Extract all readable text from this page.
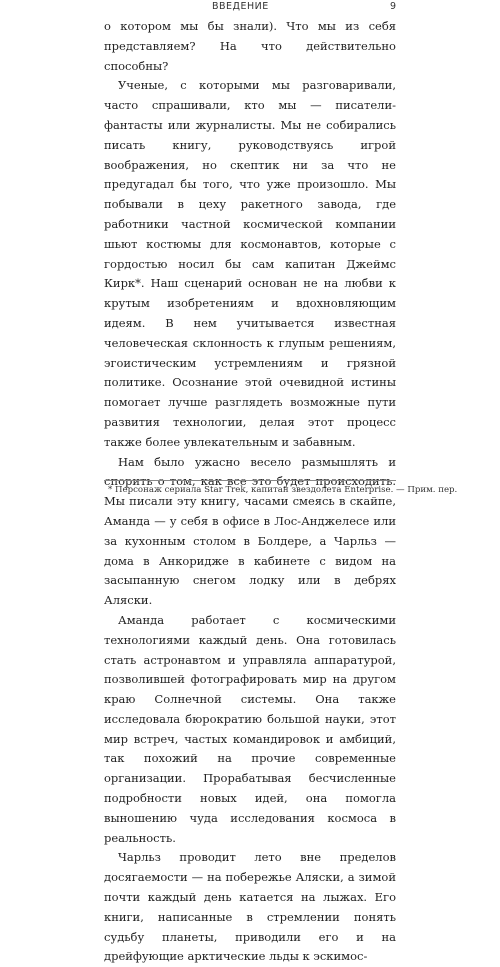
ВВЕДЕНИЕ	9

о котором мы бы знали). Что мы из себя представляем? На что действительно способны?

Ученые, с которыми мы разговаривали, часто спрашивали, кто мы — писатели-фантасты или журналисты. Мы не собирались писать книгу, руководствуясь игрой воображения, но скептик ни за что не предугадал бы того, что уже произошло. Мы побывали в цеху ракетного завода, где работники частной космической компании шьют костюмы для космонавтов, которые с гордостью носил бы сам капитан Джеймс Кирк*. Наш сценарий основан не на любви к крутым изобретениям и вдохновляющим идеям. В нем учитывается известная человеческая склонность к глупым решениям, эгоистическим устремлениям и грязной политике. Осознание этой очевидной истины помогает лучше разглядеть возможные пути развития технологии, делая этот процесс также более увлекательным и забавным.

Нам было ужасно весело размышлять и спорить о том, как все это будет происходить. Мы писали эту книгу, часами смеясь в скайпе, Аманда — у себя в офисе в Лос-Анджелесе или за кухонным столом в Болдере, а Чарльз — дома в Анкоридже в кабинете с видом на засыпанную снегом лодку или в дебрях Аляски.

Аманда работает с космическими технологиями каждый день. Она готовилась стать астронавтом и управляла аппаратурой, позволившей фотографировать мир на другом краю Солнечной системы. Она также исследовала бюрократию большой науки, этот мир встреч, частых командировок и амбиций, так похожий на прочие современные организации. Прорабатывая бесчисленные подробности новых идей, она помогла выношению чуда исследования космоса в реальность.

Чарльз проводит лето вне пределов досягаемости — на побережье Аляски, а зимой почти каждый день катается на лыжах. Его книги, написанные в стремлении понять судьбу планеты, приводили его и на дрейфующие арктические льды к эскимос-

* Персонаж сериала Star Trek, капитан звездолета Enterprise. — Прим. пер.
